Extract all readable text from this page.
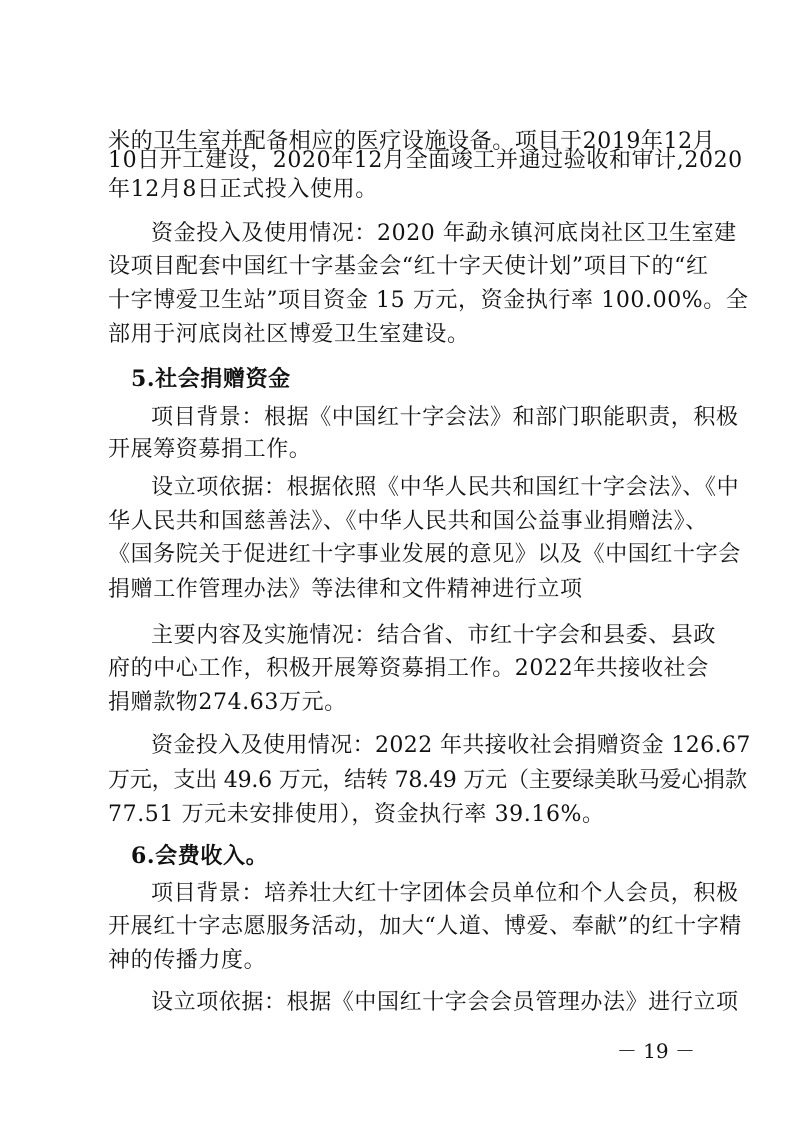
米的卫生室并配备相应的医疗设施设备。项目于2019年12月
10日开工建设，2020年12月全面竣工并通过验收和审计,2020
年12月8日正式投入使用。
资金投入及使用情况：2020 年勐永镇河底岗社区卫生室建
设项目配套中国红十字基金会“红十字天使计划”项目下的“红
十字博爱卫生站”项目资金 15 万元，资金执行率 100.00%。全
部用于河底岗社区博爱卫生室建设。
5.社会捐赠资金
项目背景：根据《中国红十字会法》和部门职能职责，积极
开展筹资募捐工作。
设立项依据：根据依照《中华人民共和国红十字会法》、《中
华人民共和国慈善法》、《中华人民共和国公益事业捐赠法》、
《国务院关于促进红十字事业发展的意见》以及《中国红十字会
捐赠工作管理办法》等法律和文件精神进行立项
主要内容及实施情况：结合省、市红十字会和县委、县政
府的中心工作，积极开展筹资募捐工作。2022年共接收社会
捐赠款物274.63万元。
资金投入及使用情况：2022 年共接收社会捐赠资金 126.67
万元，支出 49.6 万元，结转 78.49 万元（主要绿美耿马爱心捐款
77.51 万元未安排使用），资金执行率 39.16%。
6.会费收入。
项目背景：培养壮大红十字团体会员单位和个人会员，积极
开展红十字志愿服务活动，加大“人道、博爱、奉献”的红十字精
神的传播力度。
设立项依据：根据《中国红十字会会员管理办法》进行立项
－ 19 －
